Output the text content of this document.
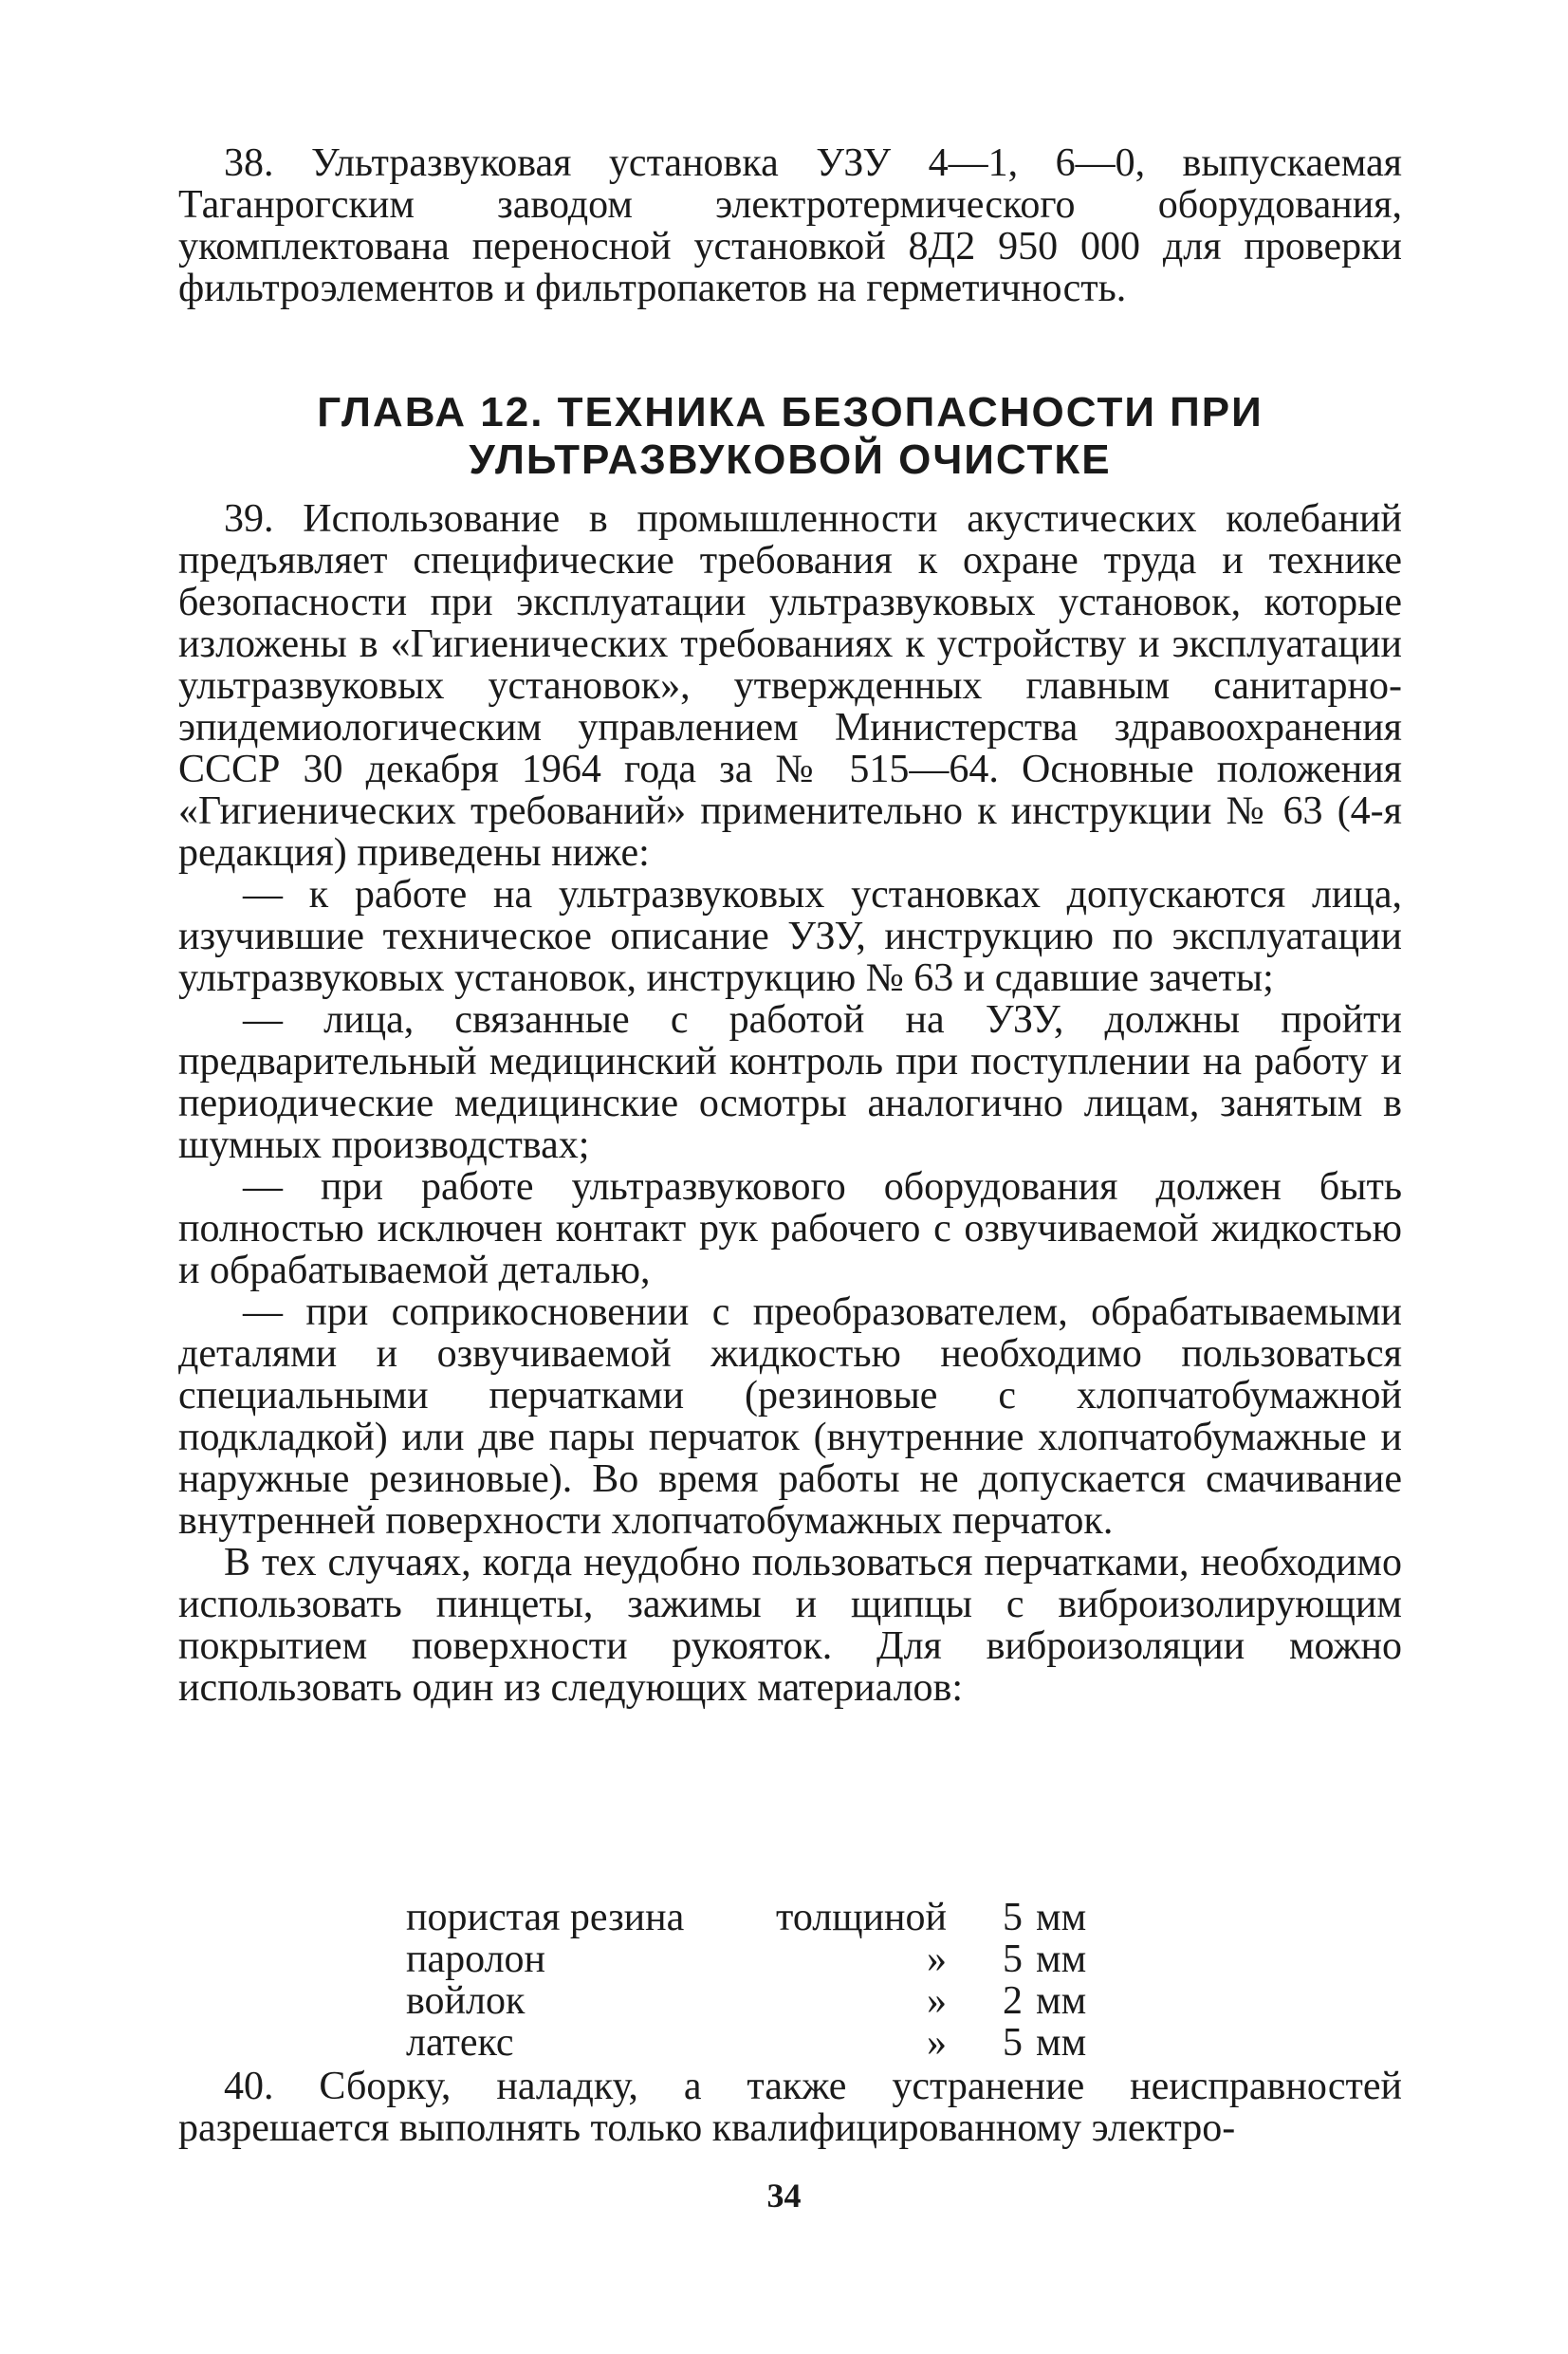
38. Ультразвуковая установка УЗУ 4—1, 6—0, выпускаемая Таганрогским заводом электротермического оборудования, укомплектована переносной установкой 8Д2 950 000 для проверки фильтроэлементов и фильтропакетов на герметичность.

ГЛАВА 12. ТЕХНИКА БЕЗОПАСНОСТИ ПРИ
УЛЬТРАЗВУКОВОЙ ОЧИСТКЕ

39. Использование в промышленности акустических колебаний предъявляет специфические требования к охране труда и технике безопасности при эксплуатации ультразвуковых установок, которые изложены в «Гигиенических требованиях к устройству и эксплуатации ультразвуковых установок», утвержденных главным санитарно-эпидемиологическим управлением Министерства здравоохранения СССР 30 декабря 1964 года за № 515—64. Основные положения «Гигиенических требований» применительно к инструкции № 63 (4-я редакция) приведены ниже:

— к работе на ультразвуковых установках допускаются лица, изучившие техническое описание УЗУ, инструкцию по эксплуатации ультразвуковых установок, инструкцию № 63 и сдавшие зачеты;

— лица, связанные с работой на УЗУ, должны пройти предварительный медицинский контроль при поступлении на работу и периодические медицинские осмотры аналогично лицам, занятым в шумных производствах;

— при работе ультразвукового оборудования должен быть полностью исключен контакт рук рабочего с озвучиваемой жидкостью и обрабатываемой деталью,

— при соприкосновении с преобразователем, обрабатываемыми деталями и озвучиваемой жидкостью необходимо пользоваться специальными перчатками (резиновые с хлопчатобумажной подкладкой) или две пары перчаток (внутренние хлопчатобумажные и наружные резиновые). Во время работы не допускается смачивание внутренней поверхности хлопчатобумажных перчаток.

В тех случаях, когда неудобно пользоваться перчатками, необходимо использовать пинцеты, зажимы и щипцы с виброизолирующим покрытием поверхности рукояток. Для виброизоляции можно использовать один из следующих материалов:

пористая резина	толщиной	5 мм
паролон	»	5 мм
войлок	»	2 мм
латекс	»	5 мм

40. Сборку, наладку, а также устранение неисправностей разрешается выполнять только квалифицированному электро-

34
